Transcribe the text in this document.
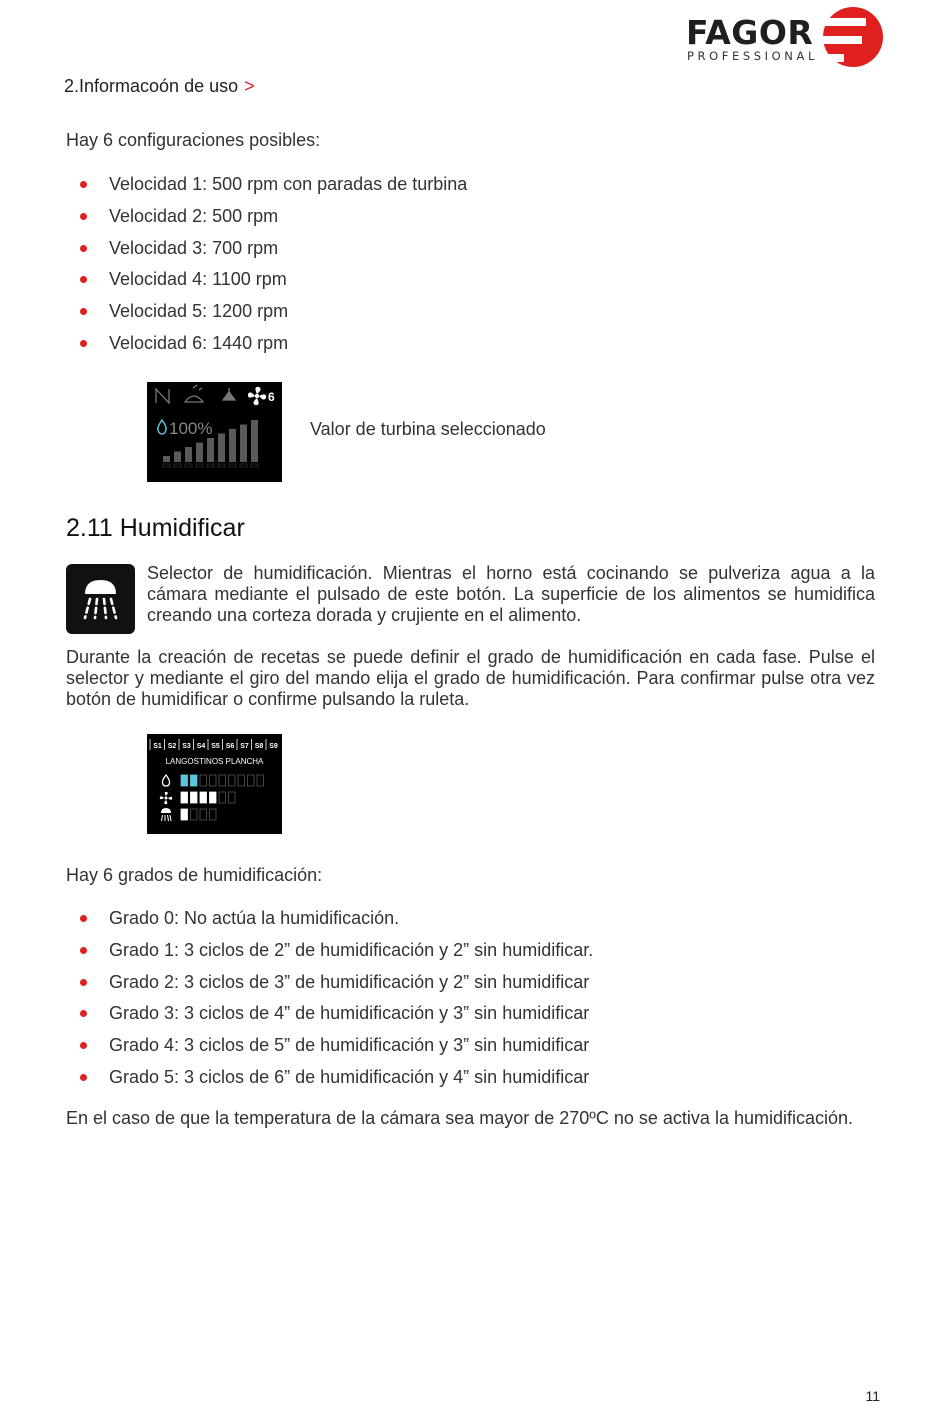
FAGOR
PROFESSIONAL
2.Informacoón de uso >
Hay 6 configuraciones posibles:
Velocidad 1: 500 rpm con paradas de turbina
Velocidad 2: 500 rpm
Velocidad 3: 700 rpm
Velocidad 4: 1100 rpm
Velocidad 5: 1200 rpm
Velocidad 6: 1440 rpm
6
100%	Valor de turbina seleccionado
2.11 Humidificar
Selector de humidificación. Mientras el horno está cocinando se pulveriza agua a la cámara mediante el pulsado de este botón. La superficie de los alimentos se humidifica creando una corteza dorada y crujiente en el alimento.
Durante la creación de recetas se puede definir el grado de humidificación en cada fase. Pulse el selector y mediante el giro del mando elija el grado de humidificación. Para confirmar pulse otra vez botón de humidificar o confirme pulsando la ruleta.
S1 S2 S3 S4 S5 S6 S7 S8 S9
LANGOSTINOS PLANCHA
Hay 6 grados de humidificación:
Grado 0: No actúa la humidificación.
Grado 1: 3 ciclos de 2” de humidificación y 2” sin humidificar.
Grado 2: 3 ciclos de 3” de humidificación y 2” sin humidificar
Grado 3: 3 ciclos de 4” de humidificación y 3” sin humidificar
Grado 4: 3 ciclos de 5” de humidificación y 3” sin humidificar
Grado 5: 3 ciclos de 6” de humidificación y 4” sin humidificar
En el caso de que la temperatura de la cámara sea mayor de 270ºC no se activa la humidificación.
11
